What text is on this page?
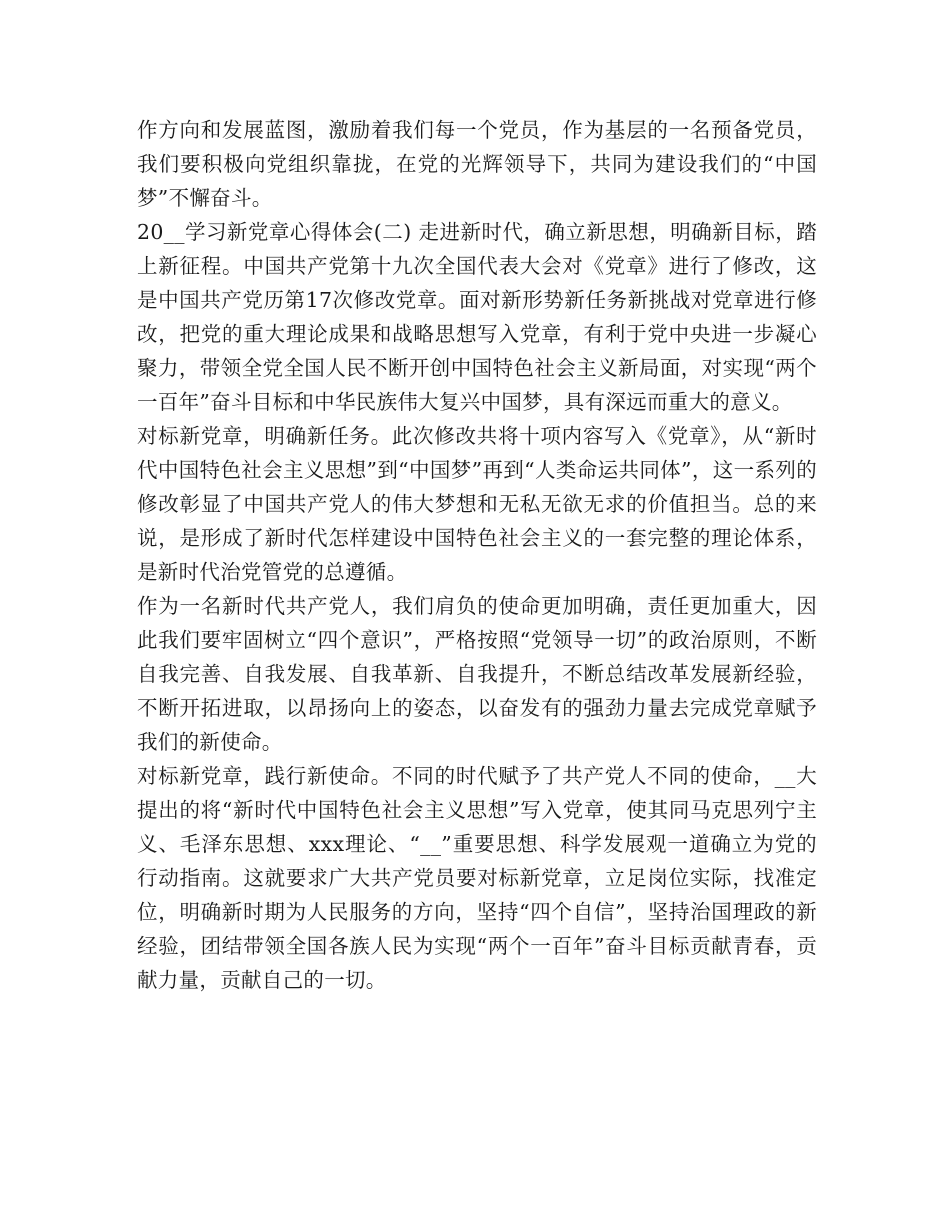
作方向和发展蓝图，激励着我们每一个党员，作为基层的一名预备党员，我们要积极向党组织靠拢，在党的光辉领导下，共同为建设我们的“中国梦”不懈奋斗。

20__学习新党章心得体会(二) 走进新时代，确立新思想，明确新目标，踏上新征程。中国共产党第十九次全国代表大会对《党章》进行了修改，这是中国共产党历第17次修改党章。面对新形势新任务新挑战对党章进行修改，把党的重大理论成果和战略思想写入党章，有利于党中央进一步凝心聚力，带领全党全国人民不断开创中国特色社会主义新局面，对实现“两个一百年”奋斗目标和中华民族伟大复兴中国梦，具有深远而重大的意义。

对标新党章，明确新任务。此次修改共将十项内容写入《党章》，从“新时代中国特色社会主义思想”到“中国梦”再到“人类命运共同体”，这一系列的修改彰显了中国共产党人的伟大梦想和无私无欲无求的价值担当。总的来说，是形成了新时代怎样建设中国特色社会主义的一套完整的理论体系，是新时代治党管党的总遵循。

作为一名新时代共产党人，我们肩负的使命更加明确，责任更加重大，因此我们要牢固树立“四个意识”，严格按照“党领导一切”的政治原则，不断自我完善、自我发展、自我革新、自我提升，不断总结改革发展新经验，不断开拓进取，以昂扬向上的姿态，以奋发有的强劲力量去完成党章赋予我们的新使命。

对标新党章，践行新使命。不同的时代赋予了共产党人不同的使命，__大提出的将“新时代中国特色社会主义思想”写入党章，使其同马克思列宁主义、毛泽东思想、xxx理论、“__”重要思想、科学发展观一道确立为党的行动指南。这就要求广大共产党员要对标新党章，立足岗位实际，找准定位，明确新时期为人民服务的方向，坚持“四个自信”，坚持治国理政的新经验，团结带领全国各族人民为实现“两个一百年”奋斗目标贡献青春，贡献力量，贡献自己的一切。
